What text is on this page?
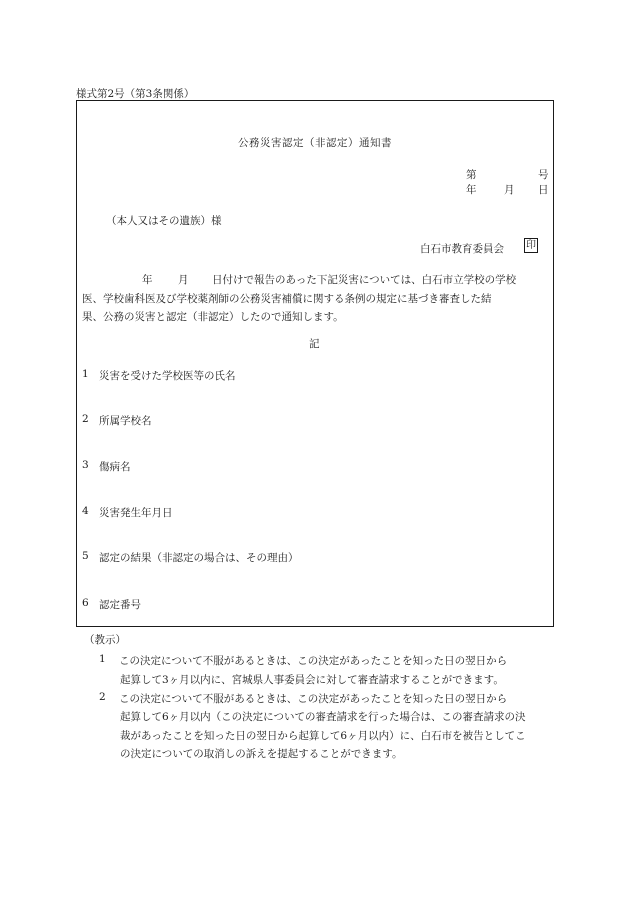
様式第2号（第3条関係）
公務災害認定（非認定）通知書
第	号
年	月 日
（本人又はその遺族）様
白石市教育委員会 印
年 月 日付けで報告のあった下記災害については、白石市立学校の学校
医、学校歯科医及び学校薬剤師の公務災害補償に関する条例の規定に基づき審査した結
果、公務の災害と認定（非認定）したので通知します。
記
1 災害を受けた学校医等の氏名
2 所属学校名
3 傷病名
4 災害発生年月日
5 認定の結果（非認定の場合は、その理由）
6 認定番号
（教示）
1 この決定について不服があるときは、この決定があったことを知った日の翌日から
起算して3ヶ月以内に、宮城県人事委員会に対して審査請求することができます。
2 この決定について不服があるときは、この決定があったことを知った日の翌日から
起算して6ヶ月以内（この決定についての審査請求を行った場合は、この審査請求の決
裁があったことを知った日の翌日から起算して6ヶ月以内）に、白石市を被告としてこ
の決定についての取消しの訴えを提起することができます。
